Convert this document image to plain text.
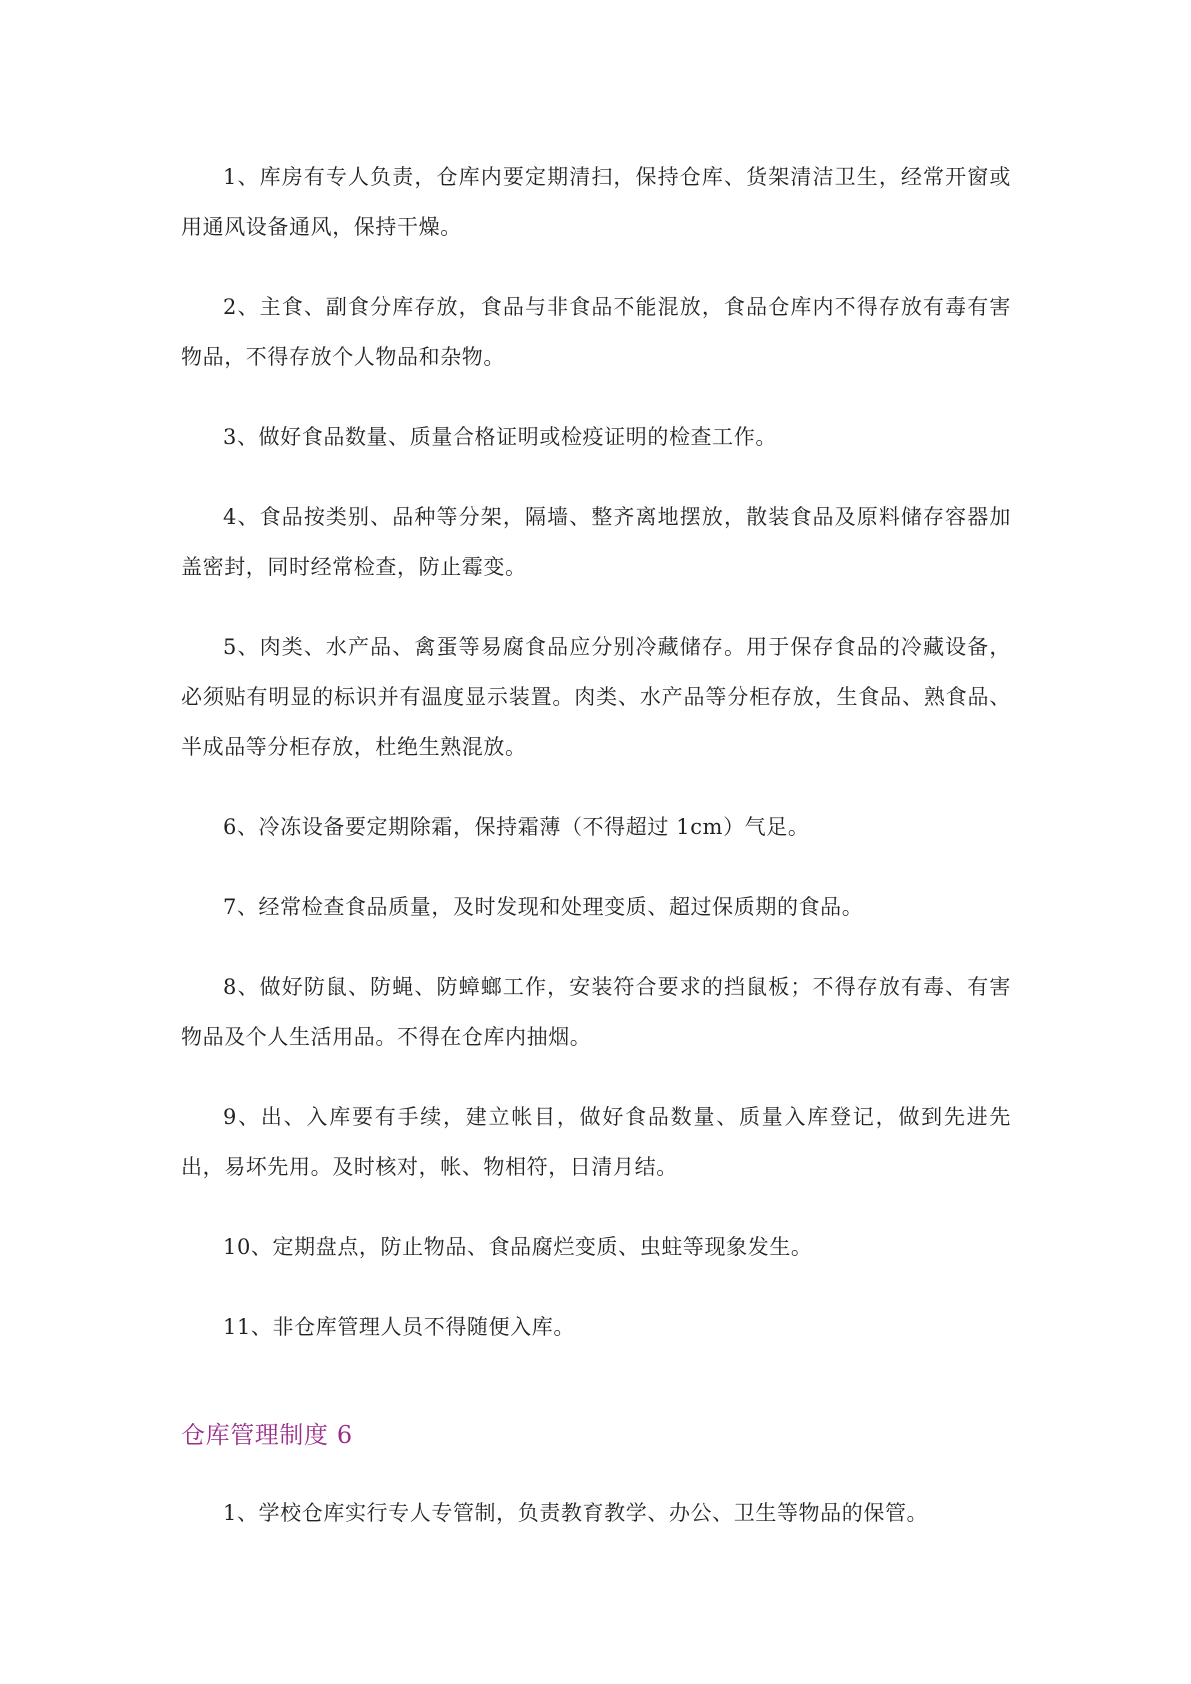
1、库房有专人负责，仓库内要定期清扫，保持仓库、货架清洁卫生，经常开窗或用通风设备通风，保持干燥。

2、主食、副食分库存放，食品与非食品不能混放，食品仓库内不得存放有毒有害物品，不得存放个人物品和杂物。

3、做好食品数量、质量合格证明或检疫证明的检查工作。

4、食品按类别、品种等分架，隔墙、整齐离地摆放，散装食品及原料储存容器加盖密封，同时经常检查，防止霉变。

5、肉类、水产品、禽蛋等易腐食品应分别冷藏储存。用于保存食品的冷藏设备，必须贴有明显的标识并有温度显示装置。肉类、水产品等分柜存放，生食品、熟食品、半成品等分柜存放，杜绝生熟混放。

6、冷冻设备要定期除霜，保持霜薄（不得超过 1cm）气足。

7、经常检查食品质量，及时发现和处理变质、超过保质期的食品。

8、做好防鼠、防蝇、防蟑螂工作，安装符合要求的挡鼠板；不得存放有毒、有害物品及个人生活用品。不得在仓库内抽烟。

9、出、入库要有手续，建立帐目，做好食品数量、质量入库登记，做到先进先出，易坏先用。及时核对，帐、物相符，日清月结。

10、定期盘点，防止物品、食品腐烂变质、虫蛀等现象发生。

11、非仓库管理人员不得随便入库。

仓库管理制度 6

1、学校仓库实行专人专管制，负责教育教学、办公、卫生等物品的保管。
